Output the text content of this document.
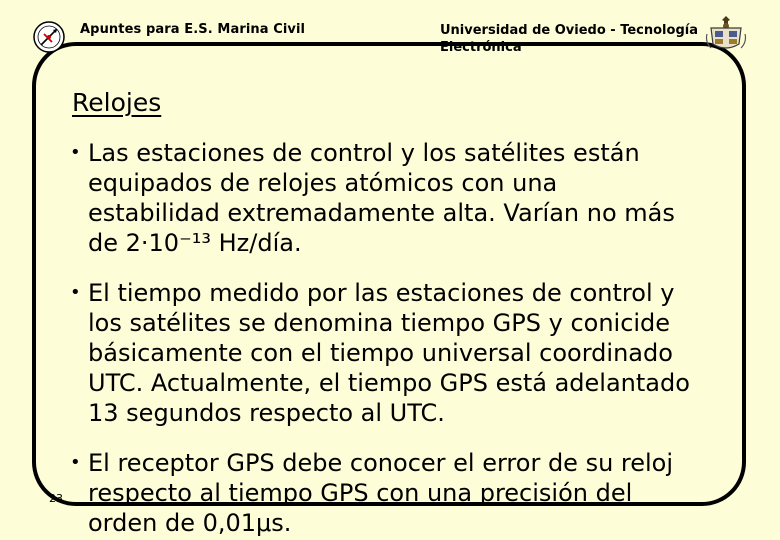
Apuntes para E.S. Marina Civil	Universidad de Oviedo - Tecnología Electrónica
Relojes
• Las estaciones de control y los satélites están
equipados de relojes atómicos con una
estabilidad extremadamente alta. Varían no más
de 2·10⁻¹³ Hz/día.
• El tiempo medido por las estaciones de control y
los satélites se denomina tiempo GPS y conicide
básicamente con el tiempo universal coordinado
UTC. Actualmente, el tiempo GPS está adelantado
13 segundos respecto al UTC.
• El receptor GPS debe conocer el error de su reloj
respecto al tiempo GPS con una precisión del
orden de 0,01μs.
23
